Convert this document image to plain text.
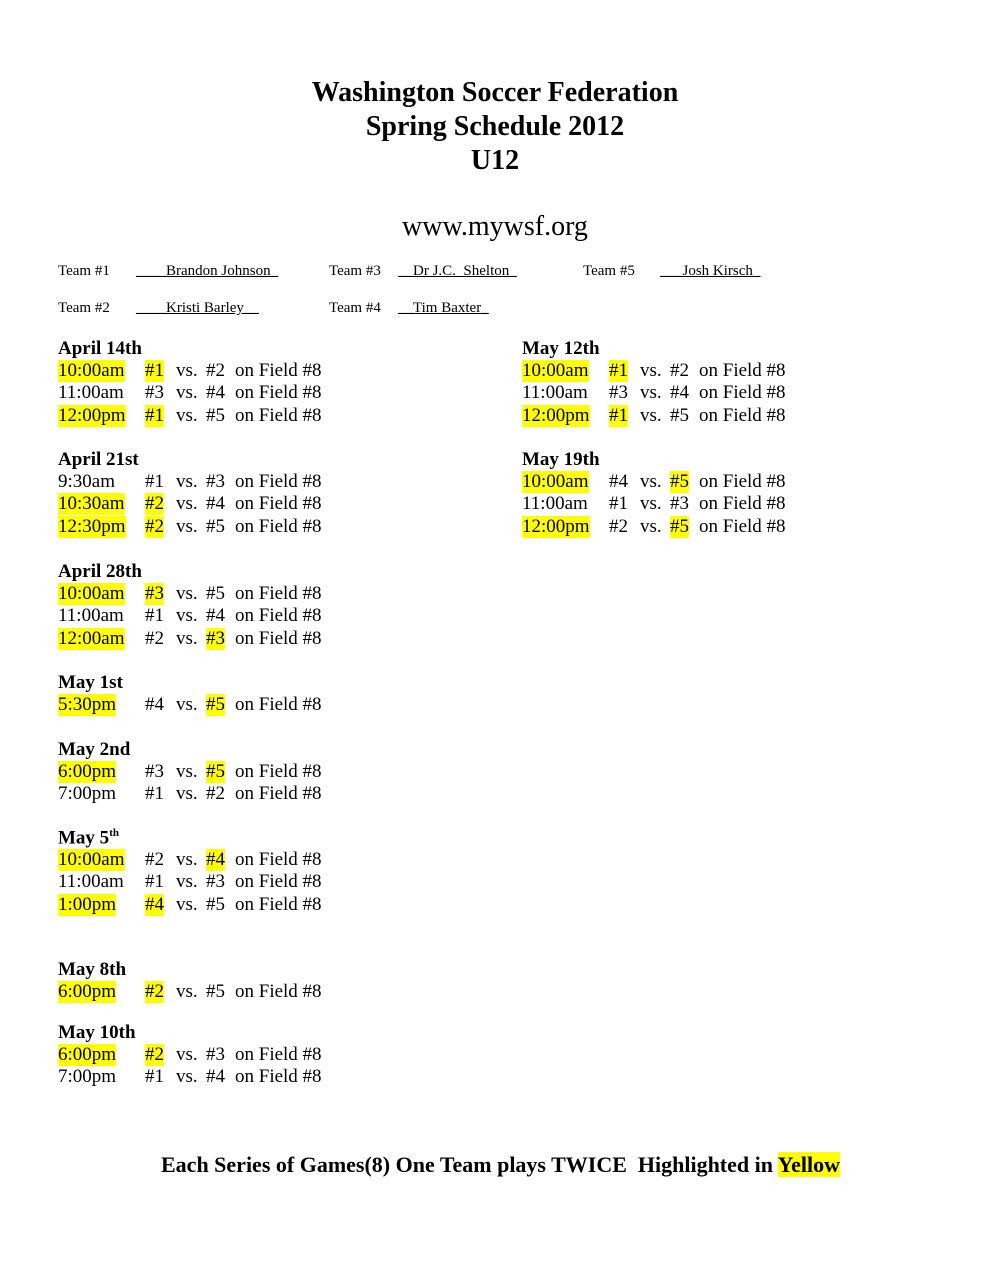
Washington Soccer Federation
Spring Schedule 2012
U12
www.mywsf.org
Team #1 ____Brandon Johnson_	Team #3 __Dr J.C.  Shelton_	Team #5 ___Josh Kirsch_
Team #2 ____Kristi Barley__	Team #4 __Tim Baxter_
April 14th
10:00am #1 vs. #2 on Field #8
11:00am #3 vs. #4 on Field #8
12:00pm #1 vs. #5 on Field #8
April 21st
9:30am #1 vs. #3 on Field #8
10:30am #2 vs. #4 on Field #8
12:30pm #2 vs. #5 on Field #8
April 28th
10:00am #3 vs. #5 on Field #8
11:00am #1 vs. #4 on Field #8
12:00am #2 vs. #3 on Field #8
May 1st
5:30pm #4 vs. #5 on Field #8
May 2nd
6:00pm #3 vs. #5 on Field #8
7:00pm #1 vs. #2 on Field #8
May 5th
10:00am #2 vs. #4 on Field #8
11:00am #1 vs. #3 on Field #8
1:00pm #4 vs. #5 on Field #8
May 8th
6:00pm #2 vs. #5 on Field #8
May 10th
6:00pm #2 vs. #3 on Field #8
7:00pm #1 vs. #4 on Field #8
May 12th
10:00am #1 vs. #2 on Field #8
11:00am #3 vs. #4 on Field #8
12:00pm #1 vs. #5 on Field #8
May 19th
10:00am #4 vs. #5 on Field #8
11:00am #1 vs. #3 on Field #8
12:00pm #2 vs. #5 on Field #8

Each Series of Games(8) One Team plays TWICE  Highlighted in Yellow
